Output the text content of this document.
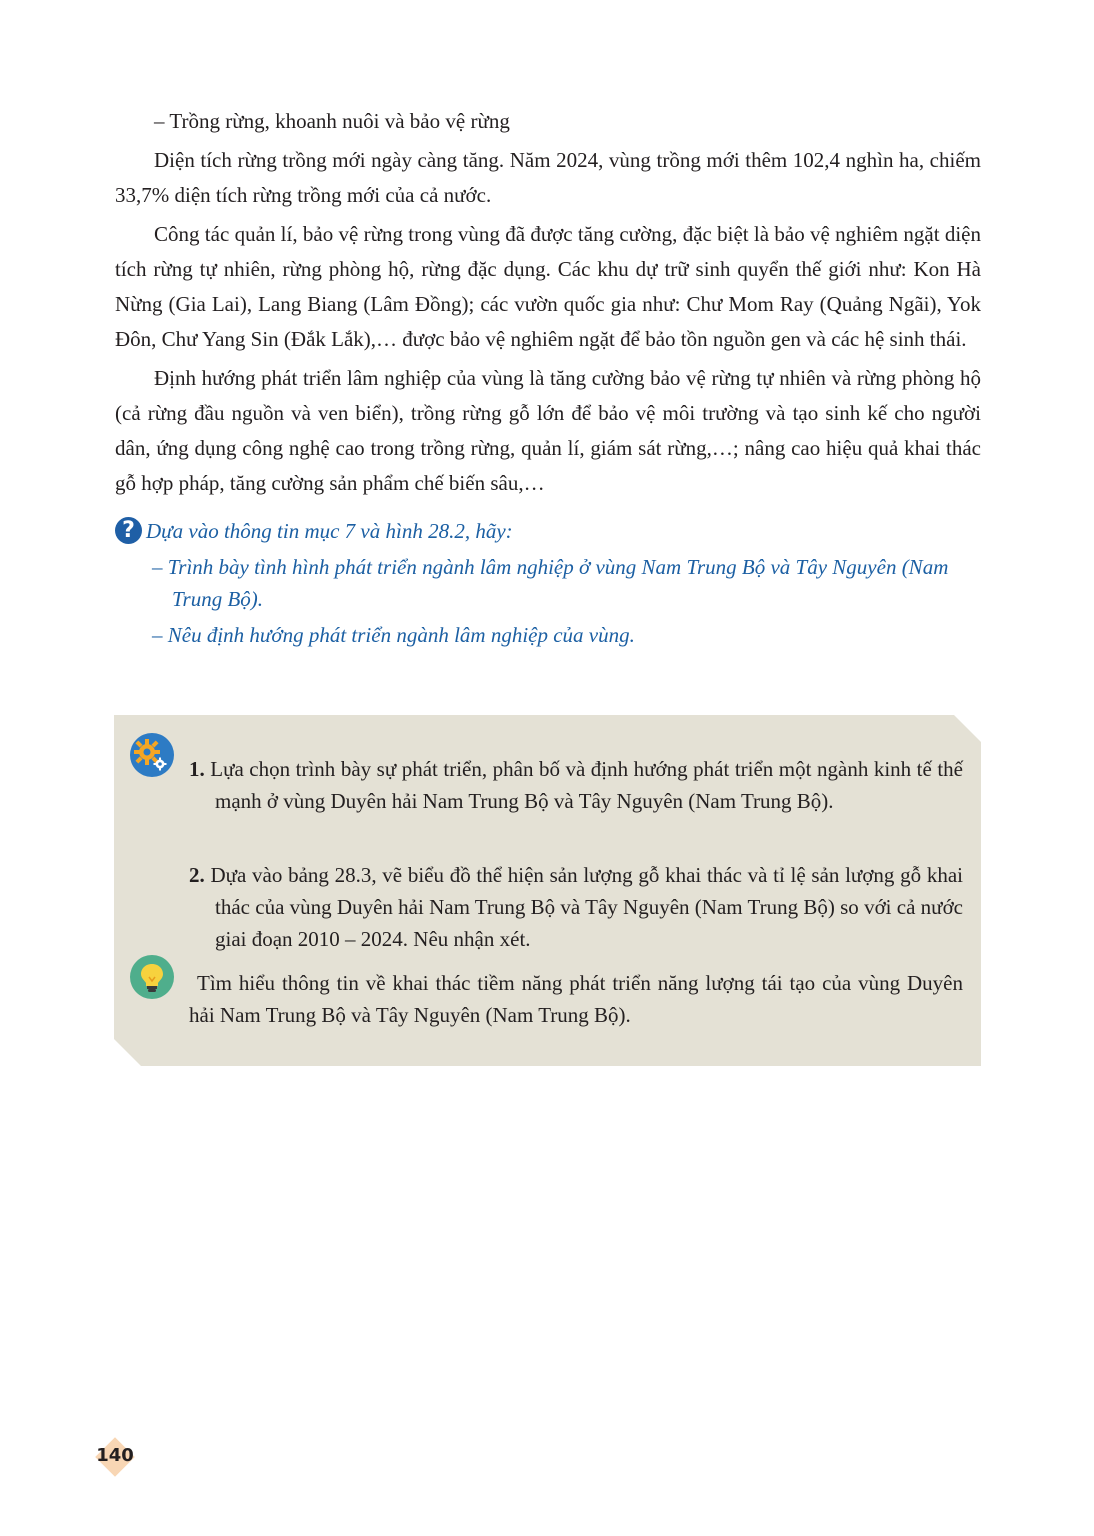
– Trồng rừng, khoanh nuôi và bảo vệ rừng

Diện tích rừng trồng mới ngày càng tăng. Năm 2024, vùng trồng mới thêm 102,4 nghìn ha, chiếm 33,7% diện tích rừng trồng mới của cả nước.

Công tác quản lí, bảo vệ rừng trong vùng đã được tăng cường, đặc biệt là bảo vệ nghiêm ngặt diện tích rừng tự nhiên, rừng phòng hộ, rừng đặc dụng. Các khu dự trữ sinh quyển thế giới như: Kon Hà Nừng (Gia Lai), Lang Biang (Lâm Đồng); các vườn quốc gia như: Chư Mom Ray (Quảng Ngãi), Yok Đôn, Chư Yang Sin (Đắk Lắk),… được bảo vệ nghiêm ngặt để bảo tồn nguồn gen và các hệ sinh thái.

Định hướng phát triển lâm nghiệp của vùng là tăng cường bảo vệ rừng tự nhiên và rừng phòng hộ (cả rừng đầu nguồn và ven biển), trồng rừng gỗ lớn để bảo vệ môi trường và tạo sinh kế cho người dân, ứng dụng công nghệ cao trong trồng rừng, quản lí, giám sát rừng,…; nâng cao hiệu quả khai thác gỗ hợp pháp, tăng cường sản phẩm chế biến sâu,…

? Dựa vào thông tin mục 7 và hình 28.2, hãy:

– Trình bày tình hình phát triển ngành lâm nghiệp ở vùng Nam Trung Bộ và Tây Nguyên (Nam Trung Bộ).

– Nêu định hướng phát triển ngành lâm nghiệp của vùng.

1. Lựa chọn trình bày sự phát triển, phân bố và định hướng phát triển một ngành kinh tế thế mạnh ở vùng Duyên hải Nam Trung Bộ và Tây Nguyên (Nam Trung Bộ).
2. Dựa vào bảng 28.3, vẽ biểu đồ thể hiện sản lượng gỗ khai thác và tỉ lệ sản lượng gỗ khai thác của vùng Duyên hải Nam Trung Bộ và Tây Nguyên (Nam Trung Bộ) so với cả nước giai đoạn 2010 – 2024. Nêu nhận xét.
Tìm hiểu thông tin về khai thác tiềm năng phát triển năng lượng tái tạo của vùng Duyên hải Nam Trung Bộ và Tây Nguyên (Nam Trung Bộ).
140
